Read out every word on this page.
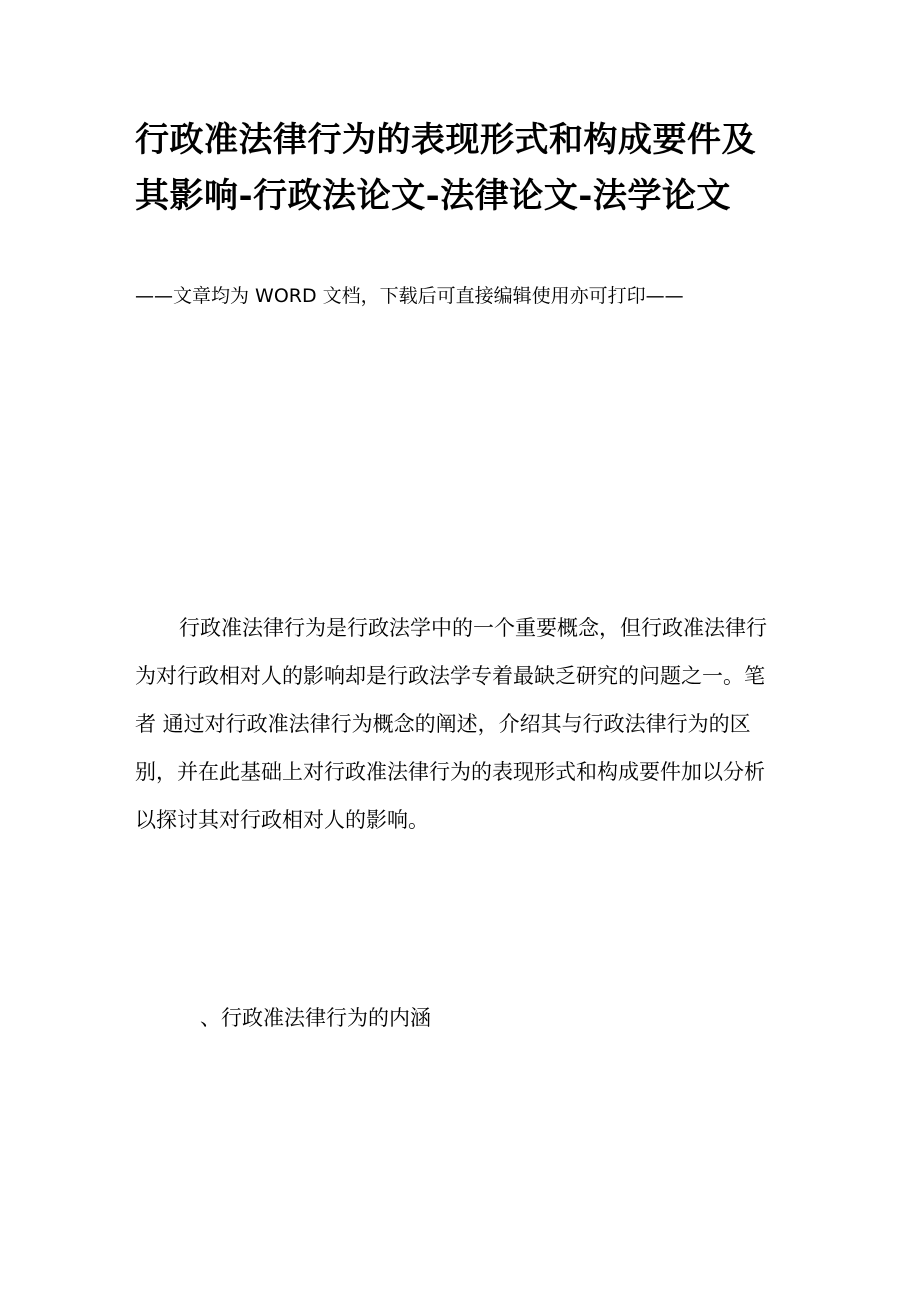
行政准法律行为的表现形式和构成要件及
其影响-行政法论文-法律论文-法学论文

——文章均为 WORD 文档，下载后可直接编辑使用亦可打印——

行政准法律行为是行政法学中的一个重要概念，但行政准法律行
为对行政相对人的影响却是行政法学专着最缺乏研究的问题之一。笔
者 通过对行政准法律行为概念的阐述，介绍其与行政法律行为的区
别，并在此基础上对行政准法律行为的表现形式和构成要件加以分析
以探讨其对行政相对人的影响。
、行政准法律行为的内涵
